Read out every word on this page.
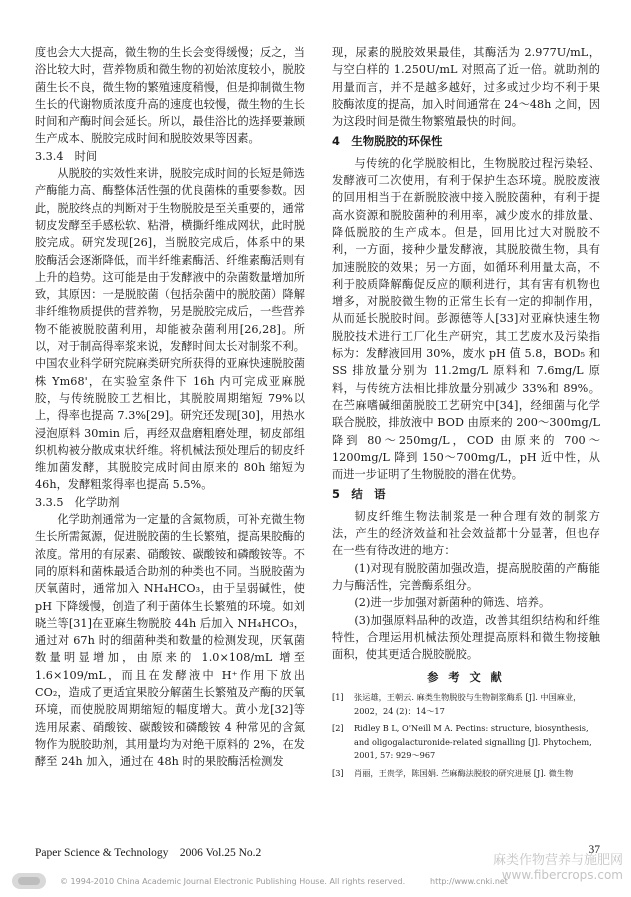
度也会大大提高，微生物的生长会变得缓慢；反之，当浴比较大时，营养物质和微生物的初始浓度较小，脱胶菌生长不良，微生物的繁殖速度稍慢，但是抑制微生物生长的代谢物质浓度升高的速度也较慢，微生物的生长时间和产酶时间会延长。所以，最佳浴比的选择要兼顾生产成本、脱胶完成时间和脱胶效果等因素。

3.3.4　时间

从脱胶的实效性来讲，脱胶完成时间的长短是筛选产酶能力高、酶整体活性强的优良菌株的重要参数。因此，脱胶终点的判断对于生物脱胶是至关重要的，通常韧皮发酵至手感松软、粘滑，横撕纤维成网状，此时脱胶完成。研究发现[26]，当脱胶完成后，体系中的果胶酶活会逐渐降低，而半纤维素酶活、纤维素酶活则有上升的趋势。这可能是由于发酵液中的杂菌数量增加所致，其原因：一是脱胶菌（包括杂菌中的脱胶菌）降解非纤维物质提供的营养物，另是脱胶完成后，一些营养物不能被脱胶菌利用，却能被杂菌利用[26,28]。所以，对于制高得率浆来说，发酵时间太长对制浆不利。中国农业科学研究院麻类研究所获得的亚麻快速脱胶菌株 Ym68'，在实验室条件下 16h 内可完成亚麻脱胶，与传统脱胶工艺相比，其脱胶周期缩短 79%以上，得率也提高 7.3%[29]。研究还发现[30]，用热水浸泡原料 30min 后，再经双盘磨粗磨处理，韧皮部组织机构被分散成束状纤维。将机械法预处理后的韧皮纤维加菌发酵，其脱胶完成时间由原来的 80h 缩短为 46h，发酵粗浆得率也提高 5.5%。

3.3.5　化学助剂

化学助剂通常为一定量的含氮物质，可补充微生物生长所需氮源，促进脱胶菌的生长繁殖，提高果胶酶的浓度。常用的有尿素、硝酸铵、碳酸铵和磷酸铵等。不同的原料和菌株最适合助剂的种类也不同。当脱胶菌为厌氧菌时，通常加入 NH₄HCO₃，由于呈弱碱性，使 pH 下降缓慢，创造了利于菌体生长繁殖的环境。如刘晓兰等[31]在亚麻生物脱胶 44h 后加入 NH₄HCO₃，通过对 67h 时的细菌种类和数量的检测发现，厌氧菌数量明显增加，由原来的 1.0×108/mL 增至 1.6×109/mL，而且在发酵液中 H⁺作用下放出 CO₂，造成了更适宜果胶分解菌生长繁殖及产酶的厌氧环境，而使脱胶周期缩短的幅度增大。黄小龙[32]等选用尿素、硝酸铵、碳酸铵和磷酸铵 4 种常见的含氮物作为脱胶助剂，其用量均为对绝干原料的 2%，在发酵至 24h 加入，通过在 48h 时的果胶酶活检测发

现，尿素的脱胶效果最佳，其酶活为 2.977U/mL，与空白样的 1.250U/mL 对照高了近一倍。就助剂的用量而言，并不是越多越好，过多或过少均不利于果胶酶浓度的提高，加入时间通常在 24～48h 之间，因为这段时间是微生物繁殖最快的时间。

4　生物脱胶的环保性

与传统的化学脱胶相比，生物脱胶过程污染轻、发酵液可二次使用，有利于保护生态环境。脱胶废液的回用相当于在新脱胶液中接入脱胶菌种，有利于提高水资源和脱胶菌种的利用率，减少废水的排放量、降低脱胶的生产成本。但是，回用比过大对脱胶不利，一方面，接种少量发酵液，其脱胶微生物，具有加速脱胶的效果；另一方面，如循环利用量太高，不利于胶质降解酶促反应的顺利进行，其有害有机物也增多，对脱胶微生物的正常生长有一定的抑制作用，从而延长脱胶时间。彭源德等人[33]对亚麻快速生物脱胶技术进行工厂化生产研究，其工艺废水及污染指标为：发酵液回用 30%，废水 pH 值 5.8，BOD₅ 和 SS 排放量分别为 11.2mg/L 原料和 7.6mg/L 原料，与传统方法相比排放量分别减少 33%和 89%。在苎麻嗜碱细菌脱胶工艺研究中[34]，经细菌与化学联合脱胶，排放液中 BOD 由原来的 200～300mg/L 降到 80～250mg/L，COD 由原来的 700～1200mg/L 降到 150～700mg/L，pH 近中性，从而进一步证明了生物脱胶的潜在优势。

5　结　语

韧皮纤维生物法制浆是一种合理有效的制浆方法，产生的经济效益和社会效益都十分显著，但也存在一些有待改进的地方：

(1)对现有脱胶菌加强改造，提高脱胶菌的产酶能力与酶活性，完善酶系组分。

(2)进一步加强对新菌种的筛选、培养。

(3)加强原料品种的改造，改善其组织结构和纤维特性，合理运用机械法预处理提高原料和微生物接触面积，使其更适合脱胶脱胶。

参 考 文 献

[1] 张运雄，王朝云. 麻类生物脱胶与生物制浆酶系 [J]. 中国麻业，2002，24 (2)：14～17

[2] Ridley B L, O'Neill M A. Pectins: structure, biosynthesis, and oligogalacturonide-related signalling [J]. Phytochem, 2001, 57: 929～967

[3] 肖丽，王贵学，陈国娟. 苎麻酶法脱胶的研究进展 [J]. 微生物

Paper Science & Technology　2006 Vol.25 No.2	37
© 1994-2010 China Academic Journal Electronic Publishing House. All rights reserved.	http://www.cnki.net
麻类作物营养与施肥网
www.fibercrops.com
